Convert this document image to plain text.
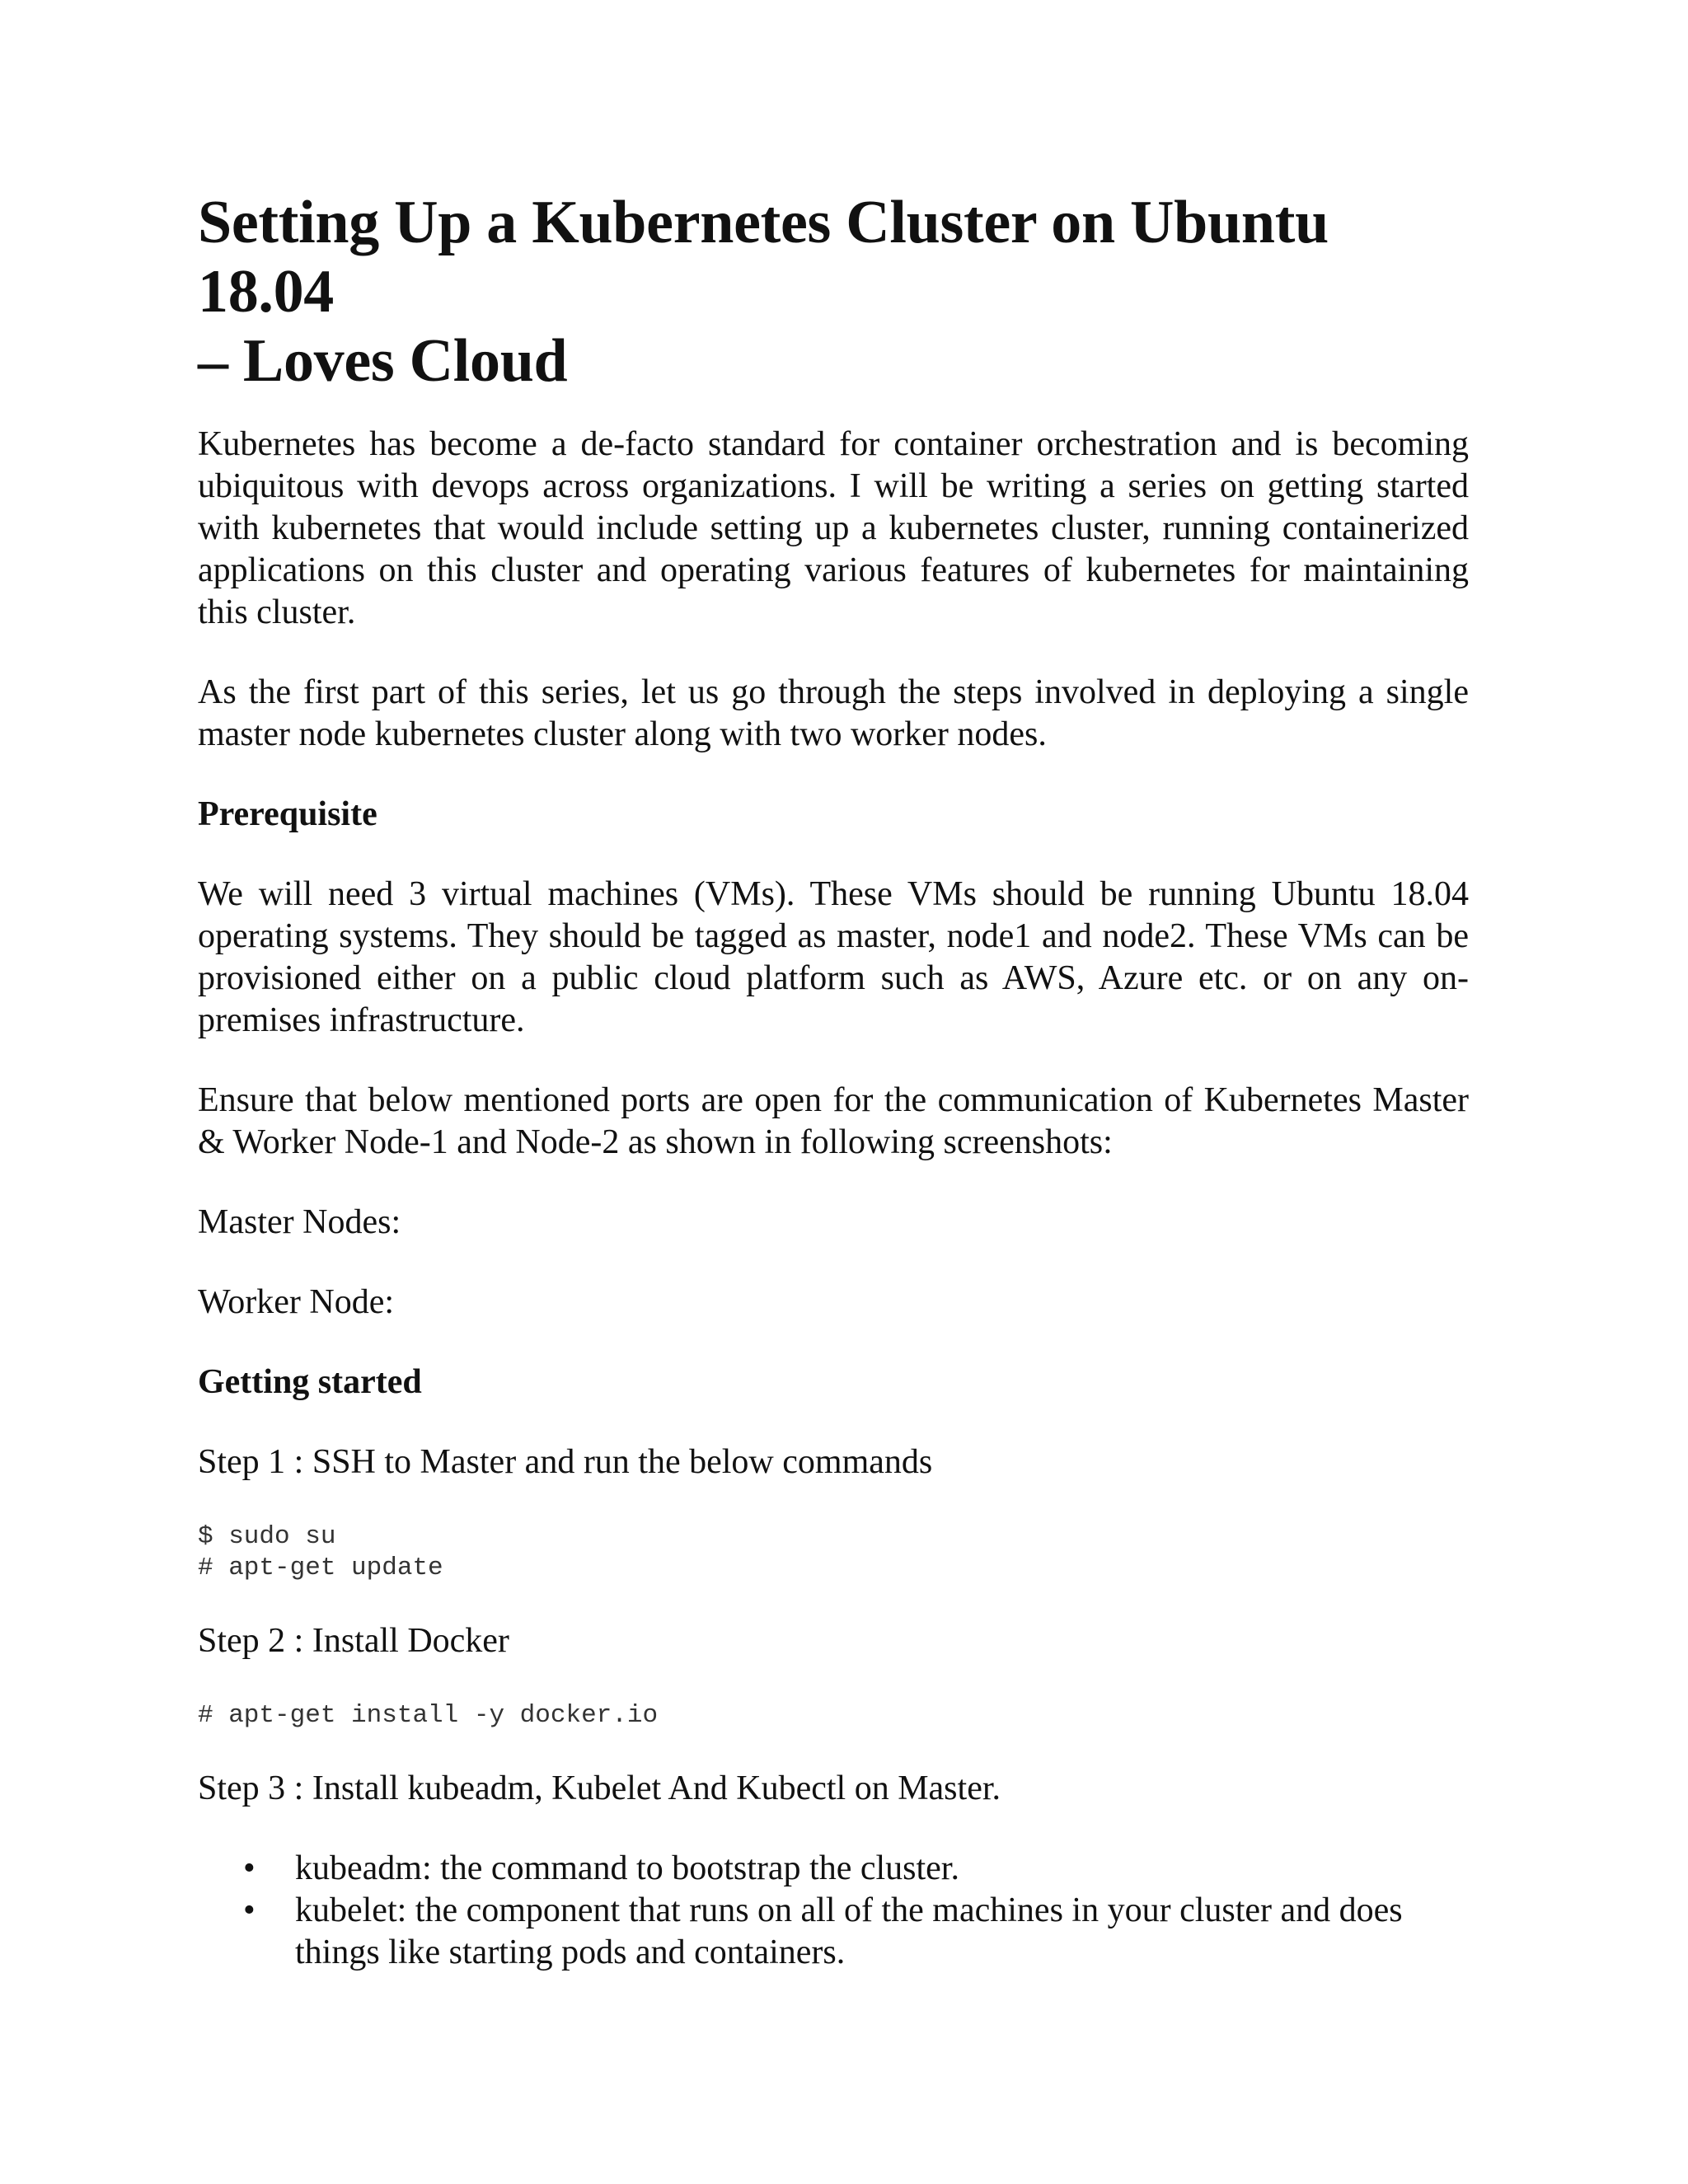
Setting Up a Kubernetes Cluster on Ubuntu 18.04
– Loves Cloud

Kubernetes has become a de-facto standard for container orchestration and is becoming ubiquitous with devops across organizations. I will be writing a series on getting started with kubernetes that would include setting up a kubernetes cluster, running containerized applications on this cluster and operating various features of kubernetes for maintaining this cluster.

As the first part of this series, let us go through the steps involved in deploying a single master node kubernetes cluster along with two worker nodes.

Prerequisite

We will need 3 virtual machines (VMs). These VMs should be running Ubuntu 18.04 operating systems. They should be tagged as master, node1 and node2. These VMs can be provisioned either on a public cloud platform such as AWS, Azure etc. or on any on-premises infrastructure.

Ensure that below mentioned ports are open for the communication of Kubernetes Master & Worker Node-1 and Node-2 as shown in following screenshots:

Master Nodes:

Worker Node:

Getting started

Step 1 : SSH to Master and run the below commands

$ sudo su
# apt-get update

Step 2 : Install Docker

# apt-get install -y docker.io

Step 3 : Install kubeadm, Kubelet And Kubectl on Master.

• kubeadm: the command to bootstrap the cluster.
• kubelet: the component that runs on all of the machines in your cluster and does things like starting pods and containers.
